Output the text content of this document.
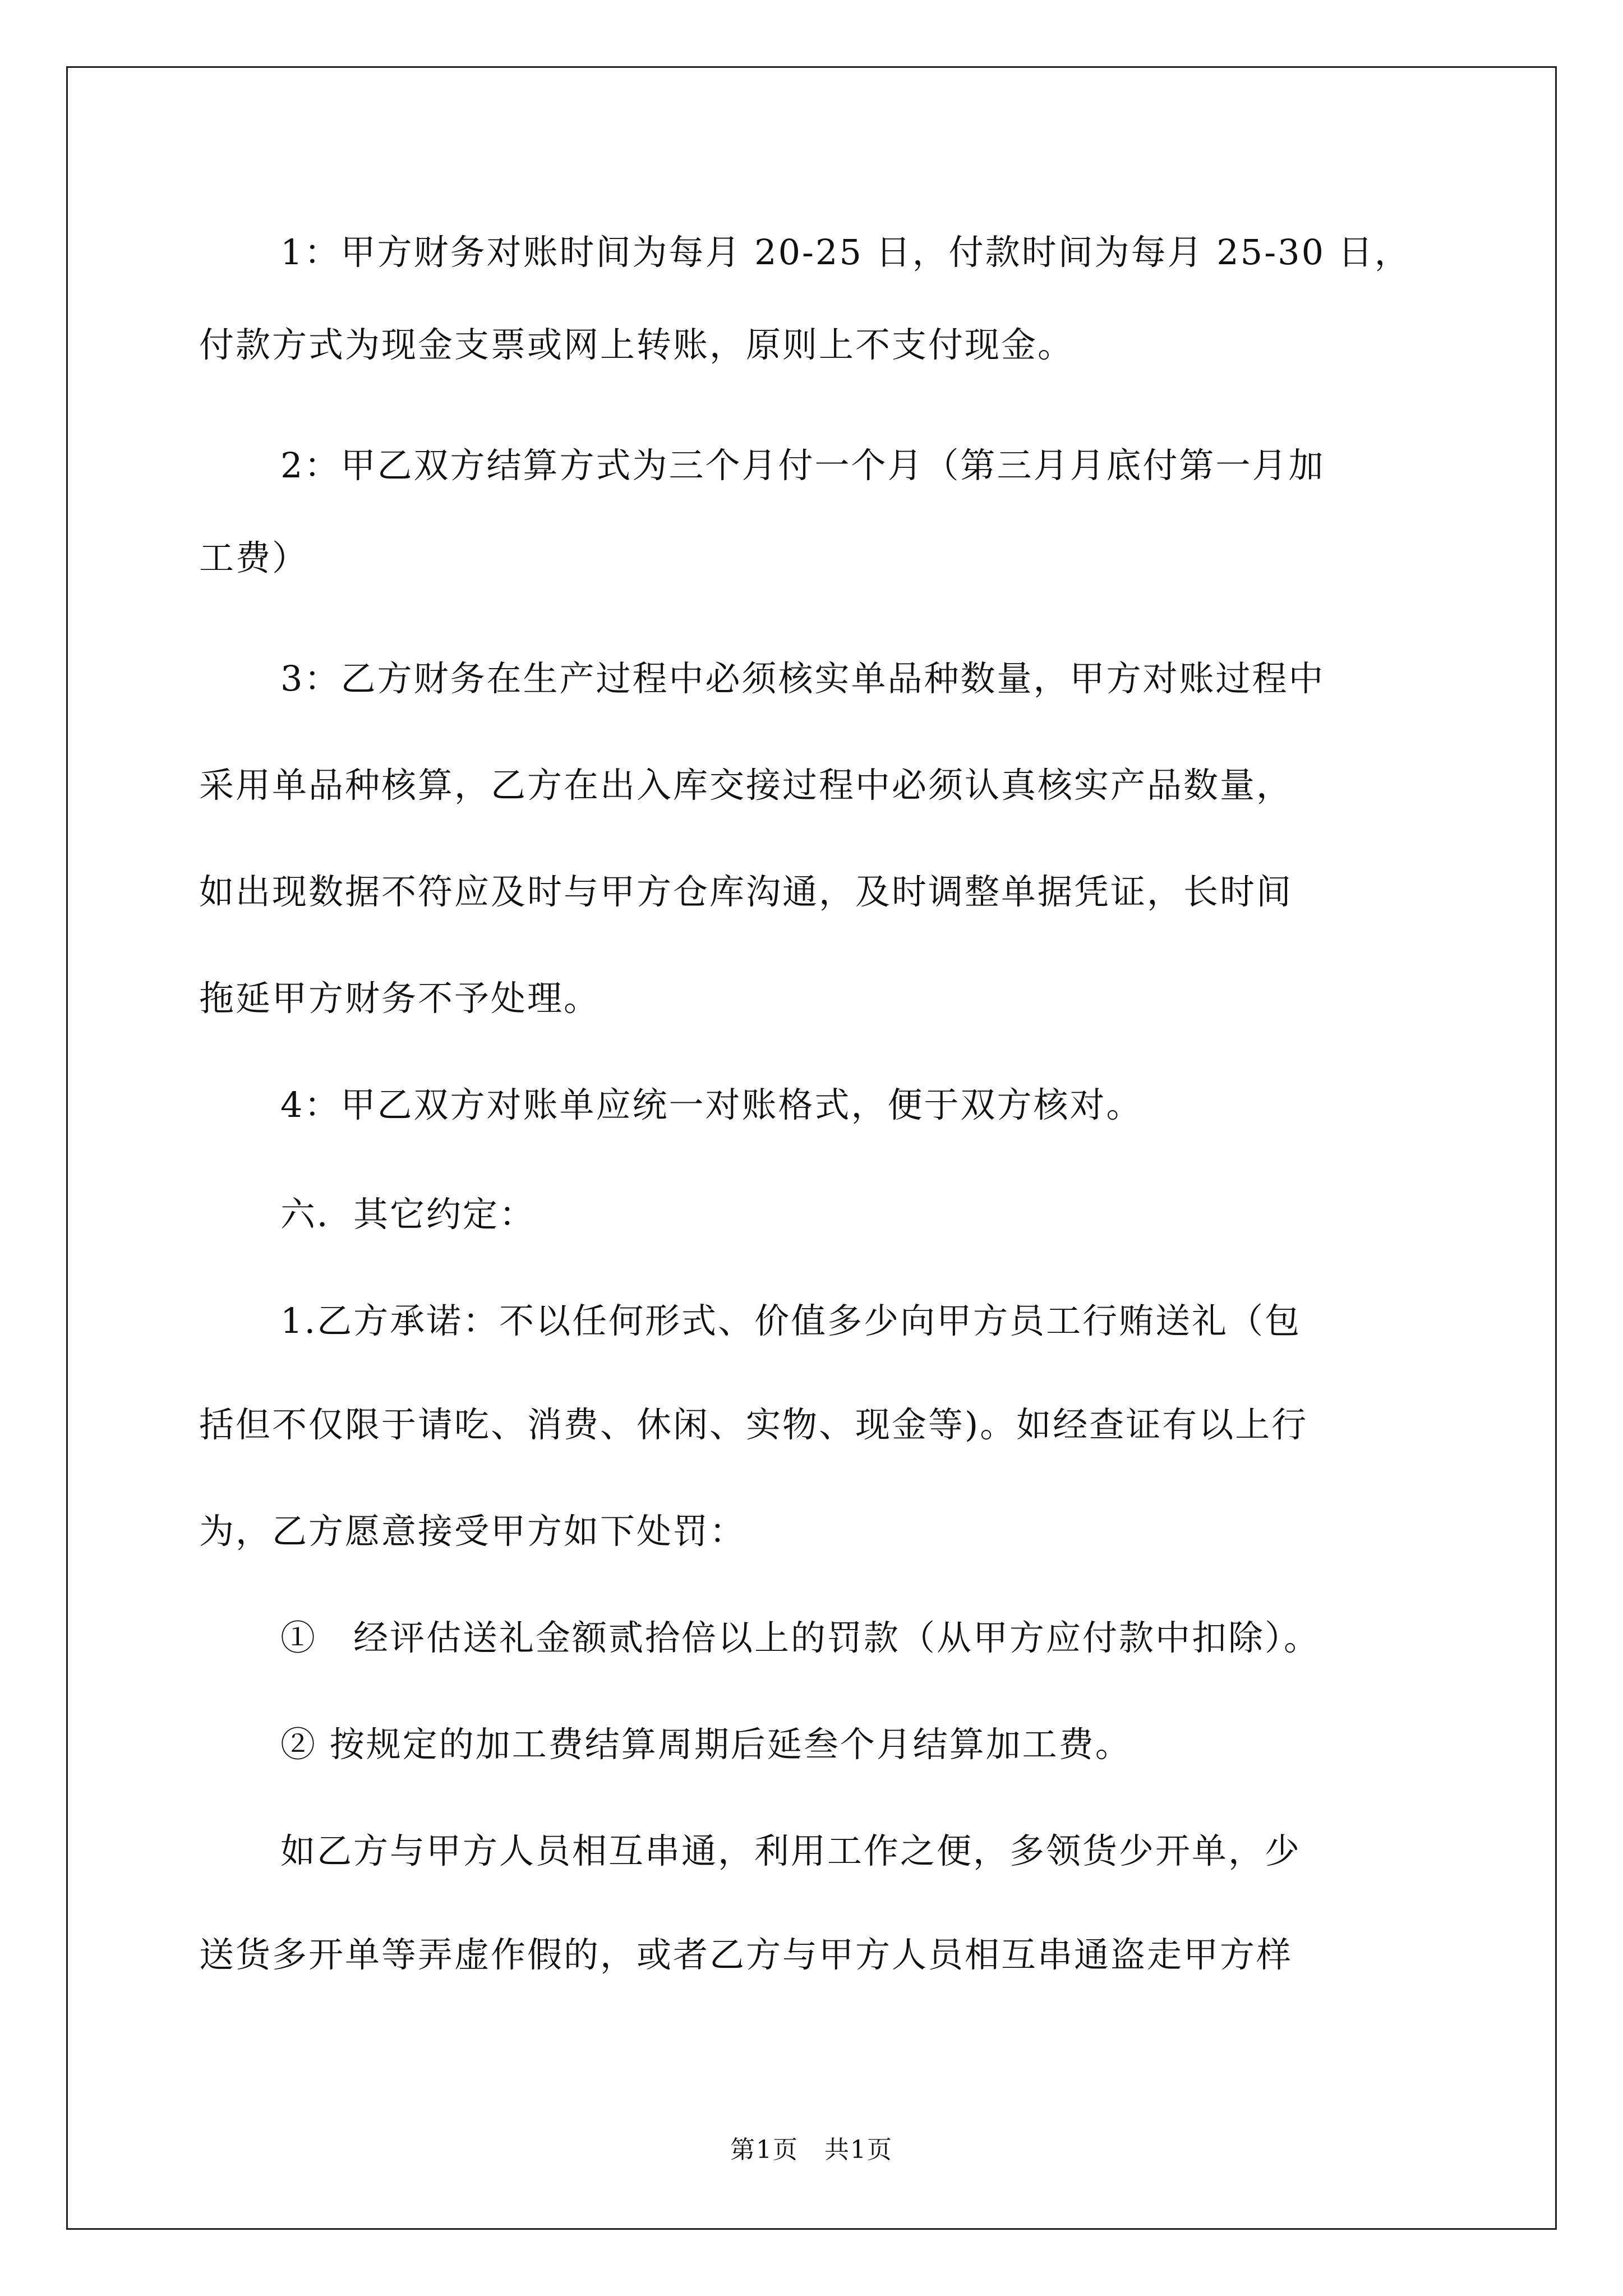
1：甲方财务对账时间为每月 20-25 日，付款时间为每月 25-30 日，
付款方式为现金支票或网上转账，原则上不支付现金。
2：甲乙双方结算方式为三个月付一个月（第三月月底付第一月加
工费）
3：乙方财务在生产过程中必须核实单品种数量，甲方对账过程中
采用单品种核算，乙方在出入库交接过程中必须认真核实产品数量，
如出现数据不符应及时与甲方仓库沟通，及时调整单据凭证，长时间
拖延甲方财务不予处理。
4：甲乙双方对账单应统一对账格式，便于双方核对。
六．其它约定：
1.乙方承诺：不以任何形式、价值多少向甲方员工行贿送礼（包
括但不仅限于请吃、消费、休闲、实物、现金等)。如经查证有以上行
为，乙方愿意接受甲方如下处罚：
①　经评估送礼金额贰拾倍以上的罚款（从甲方应付款中扣除）。
② 按规定的加工费结算周期后延叁个月结算加工费。
如乙方与甲方人员相互串通，利用工作之便，多领货少开单，少
送货多开单等弄虚作假的，或者乙方与甲方人员相互串通盗走甲方样
第1页　共1页
